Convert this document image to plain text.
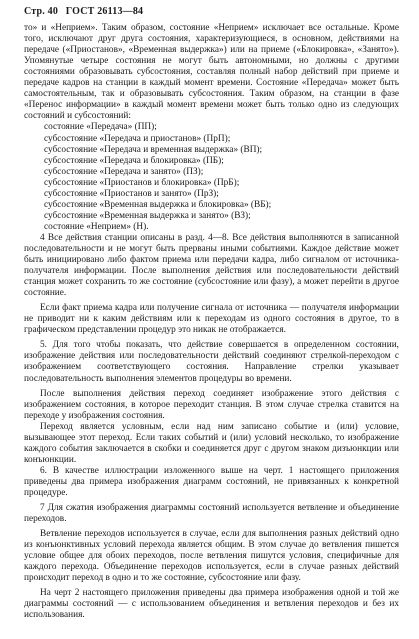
Стр. 40 ГОСТ 26113—84

то» и «Неприем». Таким образом, состояние «Неприем» исключает все остальные. Кроме того, исключают друг друга состояния, характеризующиеся, в основном, действиями на передаче («Приостанов», «Временная выдержка») или на приеме («Блокировка», «Занято»). Упомянутые четыре состояния не могут быть автономными, но должны с другими состояниями образовывать субсостояния, составляя полный набор действий при приеме и передаче кадров на станции в каждый момент времени. Состояние «Передача» может быть самостоятельным, так и образовывать субсостояния. Таким образом, на станции в фазе «Перенос информации» в каждый момент времени может быть только одно из следующих состояний и субсостояний:

состояние «Передача» (ПП);
субсостояние «Передача и приостанов» (ПрП);
субсостояние «Передача и временная выдержка» (ВП);
субсостояние «Передача и блокировка» (ПБ);
субсостояние «Передача и занято» (ПЗ);
субсостояние «Приостанов и блокировка» (ПрБ);
субсостояние «Приостанов и занято» (ПрЗ);
субсостояние «Временная выдержка и блокировка» (ВБ);
субсостояние «Временная выдержка и занято» (ВЗ);
состояние «Неприем» (Н).

4 Все действия станции описаны в разд. 4—8. Все действия выполняются в записанной последовательности и не могут быть прерваны иными событиями. Каждое действие может быть инициировано либо фактом приема или передачи кадра, либо сигналом от источника-получателя информации. После выполнения действия или последовательности действий станция может сохранить то же состояние (субсостояние или фазу), а может перейти в другое состояние.

Если факт приема кадра или получение сигнала от источника — получателя информации не приводит ни к каким действиям или к переходам из одного состояния в другое, то в графическом представлении процедур это никак не отображается.

5. Для того чтобы показать, что действие совершается в определенном состоянии, изображение действия или последовательности действий соединяют стрелкой-переходом с изображением соответствующего состояния. Направление стрелки указывает последовательность выполнения элементов процедуры во времени.

После выполнения действия переход соединяет изображение этого действия с изображением состояния, в которое переходит станция. В этом случае стрелка ставится на переходе у изображения состояния.

Переход является условным, если над ним записано событие и (или) условие, вызывающее этот переход. Если таких событий и (или) условий несколько, то изображение каждого события заключается в скобки и соединяется друг с другом знаком дизъюнкции или конъюнкции.

6. В качестве иллюстрации изложенного выше на черт. 1 настоящего приложения приведены два примера изображения диаграмм состояний, не привязанных к конкретной процедуре.

7 Для сжатия изображения диаграммы состояний используется ветвление и объединение переходов.

Ветвление переходов используется в случае, если для выполнения разных действий одно из конъюнктивных условий перехода является общим. В этом случае до ветвления пишется условие общее для обоих переходов, после ветвления пишутся условия, специфичные для каждого перехода. Объединение переходов используется, если в случае разных действий происходит переход в одно и то же состояние, субсостояние или фазу.

На черт 2 настоящего приложения приведены два примера изображения одной и той же диаграммы состояний — с использованием объединения и ветвления переходов и без их использования.
